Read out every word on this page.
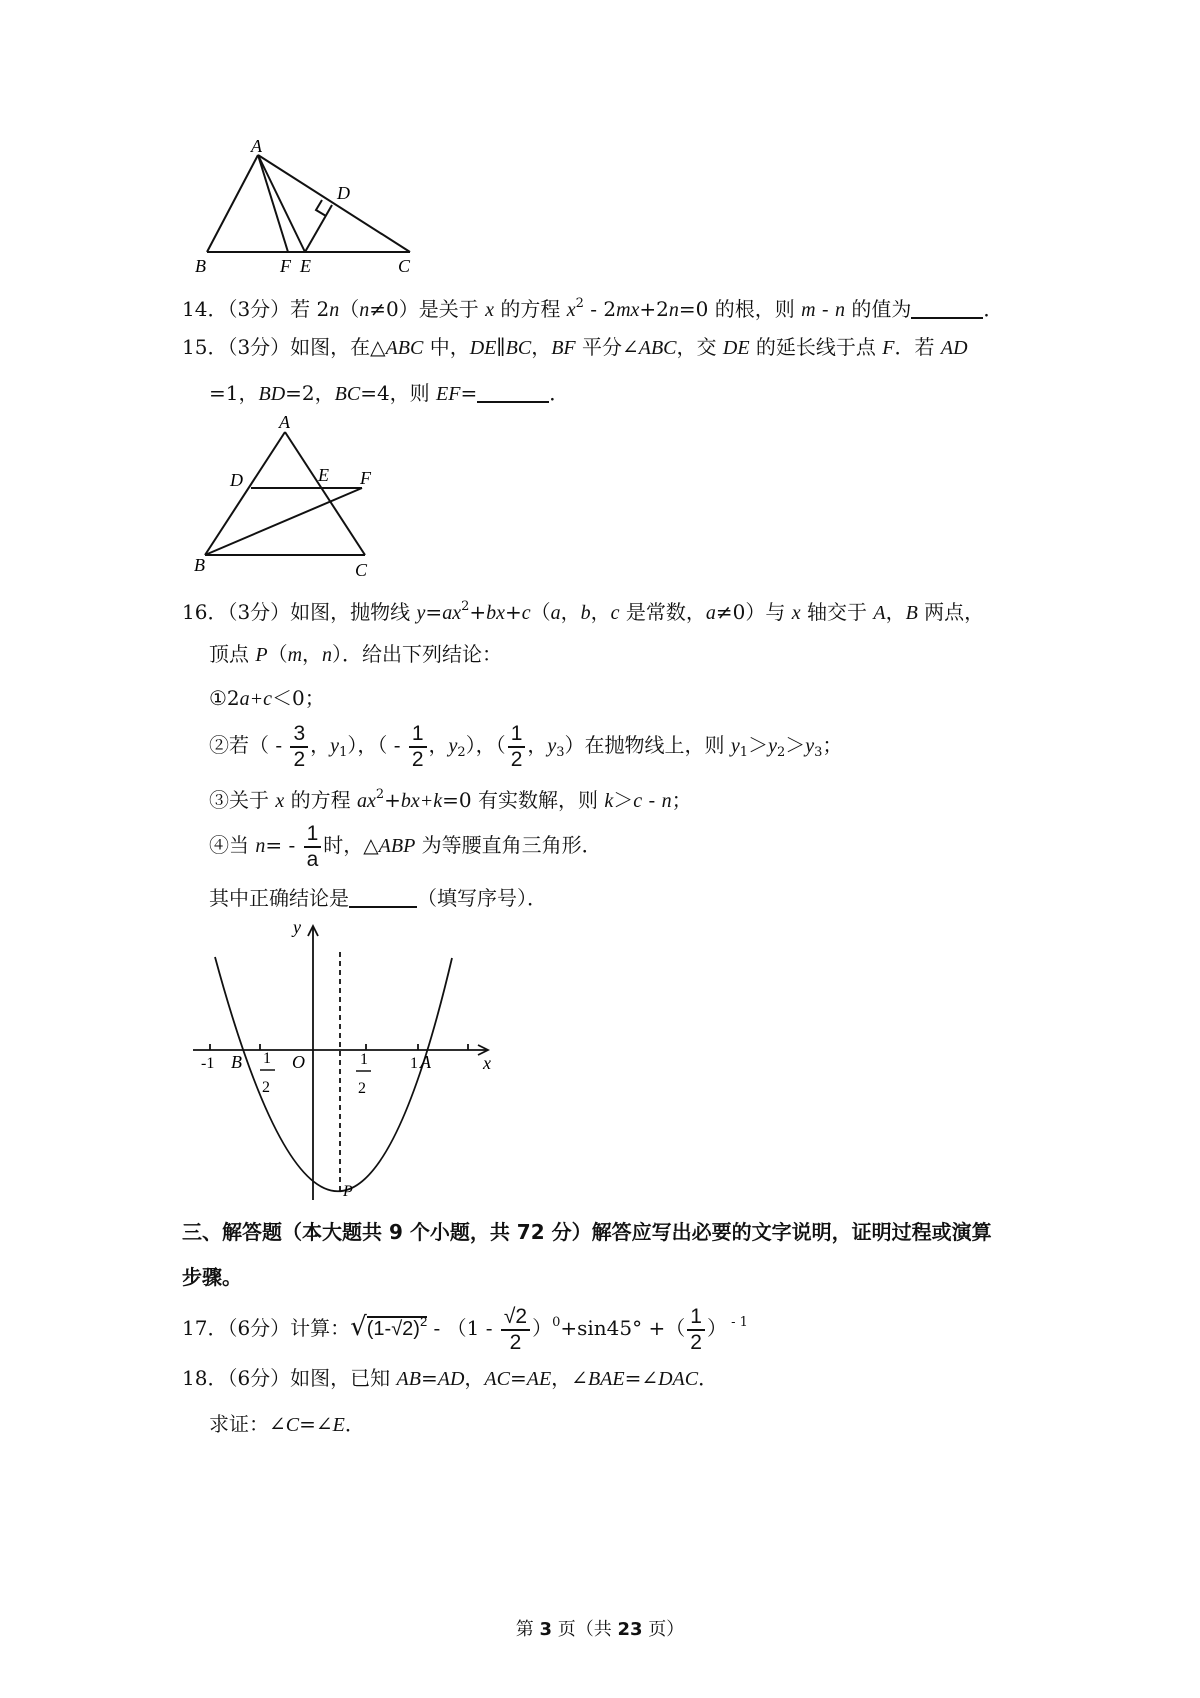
A
D
B	F E	C
14．（3分）若 2n（n≠0）是关于 x 的方程 $x^2 - 2mx+2n=0$ 的根，则 m - n 的值为	．
15．（3分）如图，在△ABC 中，DE∥BC，BF 平分∠ABC，交 DE 的延长线于点 F．若 AD
=1，BD=2，BC=4，则 EF=	．
A
D	E F
B	C
16．（3分）如图，抛物线 $y=ax^2+bx+c(a$，b，c 是常数，a≠0）与 x 轴交于 A，B 两点，
顶点 P（m，n）．给出下列结论：
①2a+c＜0；
②若（ - $\frac{3}{2}$ ，$y_1$），（ - $\frac{1}{2}$ ，$y_2$），（ $\frac{1}{2}$ ，$y_3$）在抛物线上，则 $y_1>y_2>y_3$；
③关于 x 的方程 $ax^2+bx+k=0$ 有实数解，则 k＞c - n；
④当 $n= - \frac{1}{a}$ 时，△ABP 为等腰直角三角形．
其中正确结论是	（填写序号）．
y
x
-1 B	O	1 A
P
1
2
1
2
三、解答题（本大题共 9 个小题，共 72 分）解答应写出必要的文字说明，证明过程或演算
步骤。
17．（6分）计算：$√(1-√2)^2 - (1 - \frac{√2}{2} )^0+\sin 45^\circ$ +（ $\frac{1}{2}$ ） $^{- 1}$
18．（6分）如图，已知 AB=AD，AC=AE，∠BAE=∠DAC．
求证：∠C=∠E．
第 3 页（共 23 页）
